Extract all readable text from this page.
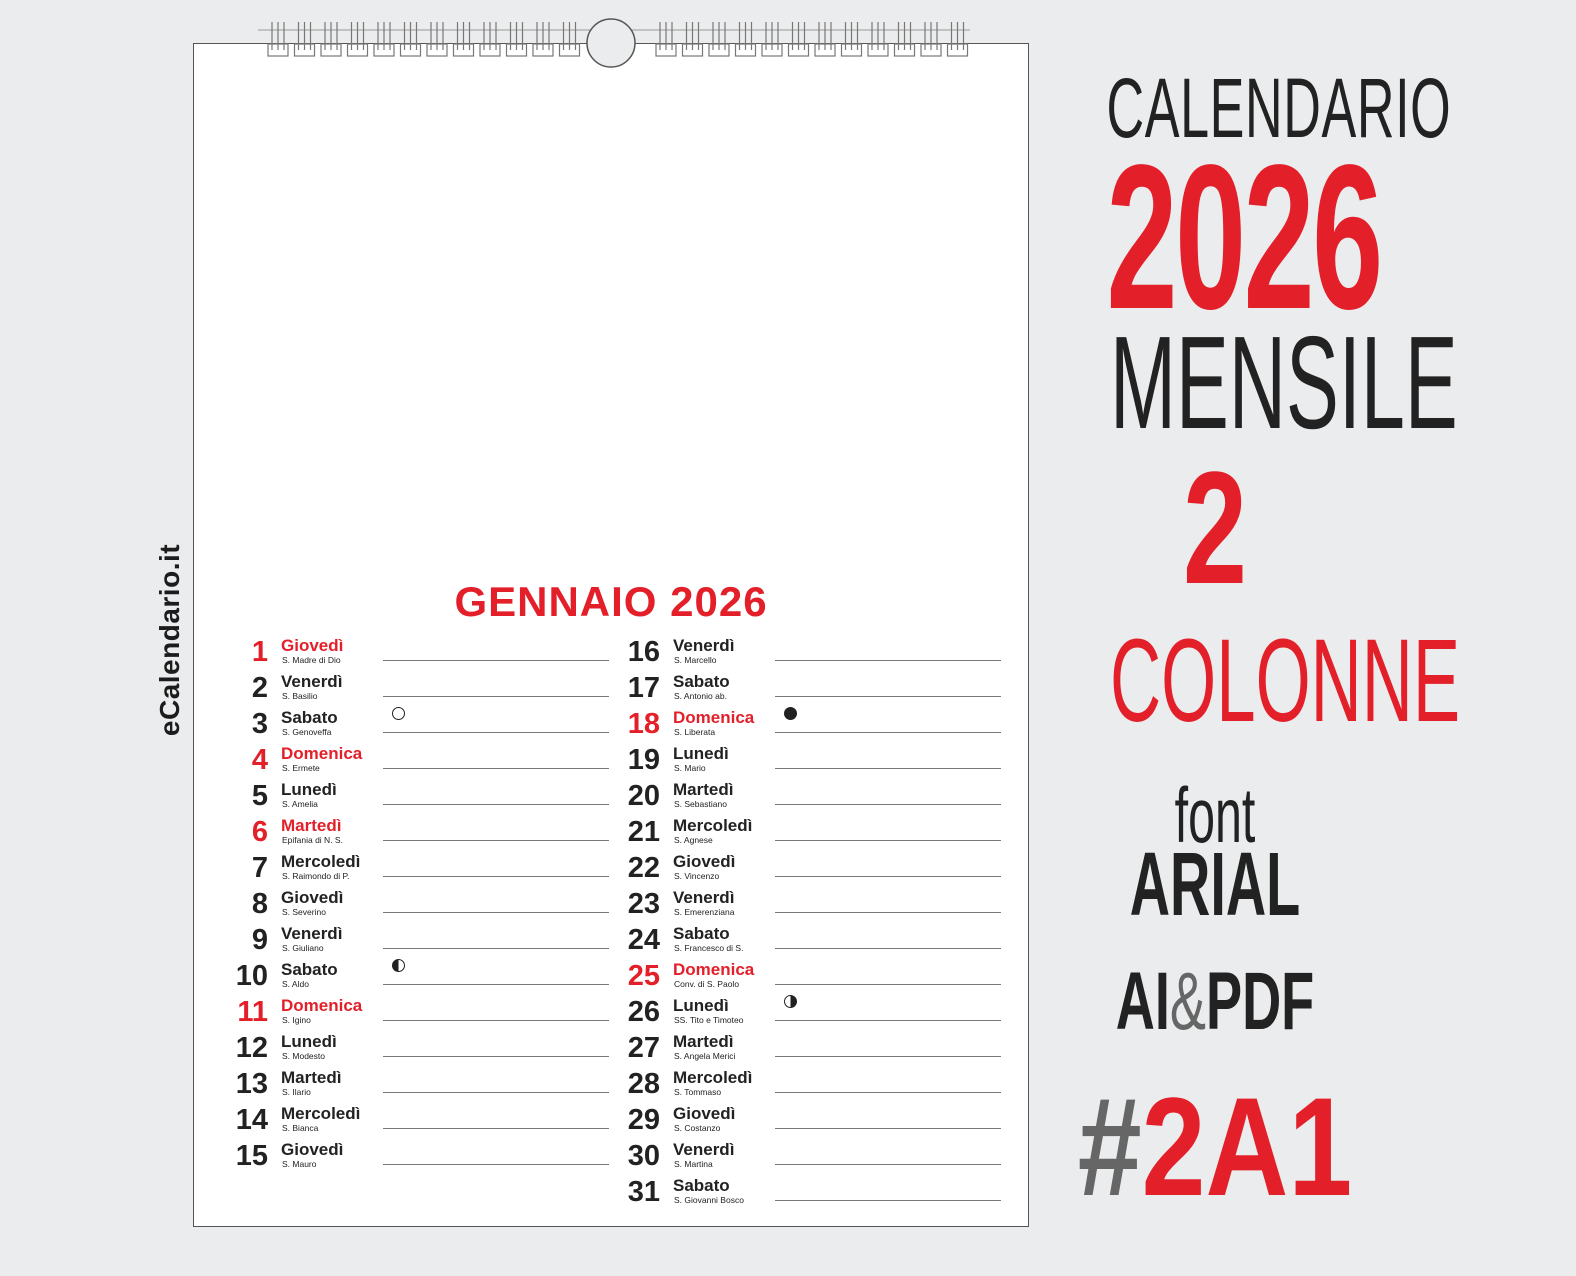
eCalendario.it	GENNAIO 2026
1 Giovedì
S. Madre di Dio
2 Venerdì
S. Basilio
3 Sabato
S. Genoveffa
4 Domenica
S. Ermete
5 Lunedì
S. Amelia
6 Martedì
Epifania di N. S.
7 Mercoledì
S. Raimondo di P.
8 Giovedì
S. Severino
9 Venerdì
S. Giuliano
10 Sabato
S. Aldo
11 Domenica
S. Igino
12 Lunedì
S. Modesto
13 Martedì
S. Ilario
14 Mercoledì
S. Bianca
15 Giovedì
S. Mauro
16 Venerdì
S. Marcello
17 Sabato
S. Antonio ab.
18 Domenica
S. Liberata
19 Lunedì
S. Mario
20 Martedì
S. Sebastiano
21 Mercoledì
S. Agnese
22 Giovedì
S. Vincenzo
23 Venerdì
S. Emerenziana
24 Sabato
S. Francesco di S.
25 Domenica
Conv. di S. Paolo
26 Lunedì
SS. Tito e Timoteo
27 Martedì
S. Angela Merici
28 Mercoledì
S. Tommaso
29 Giovedì
S. Costanzo
30 Venerdì
S. Martina
31 Sabato
S. Giovanni Bosco
CALENDARIO
2026
MENSILE
2
COLONNE
font
ARIAL
AI&PDF
#2A1
